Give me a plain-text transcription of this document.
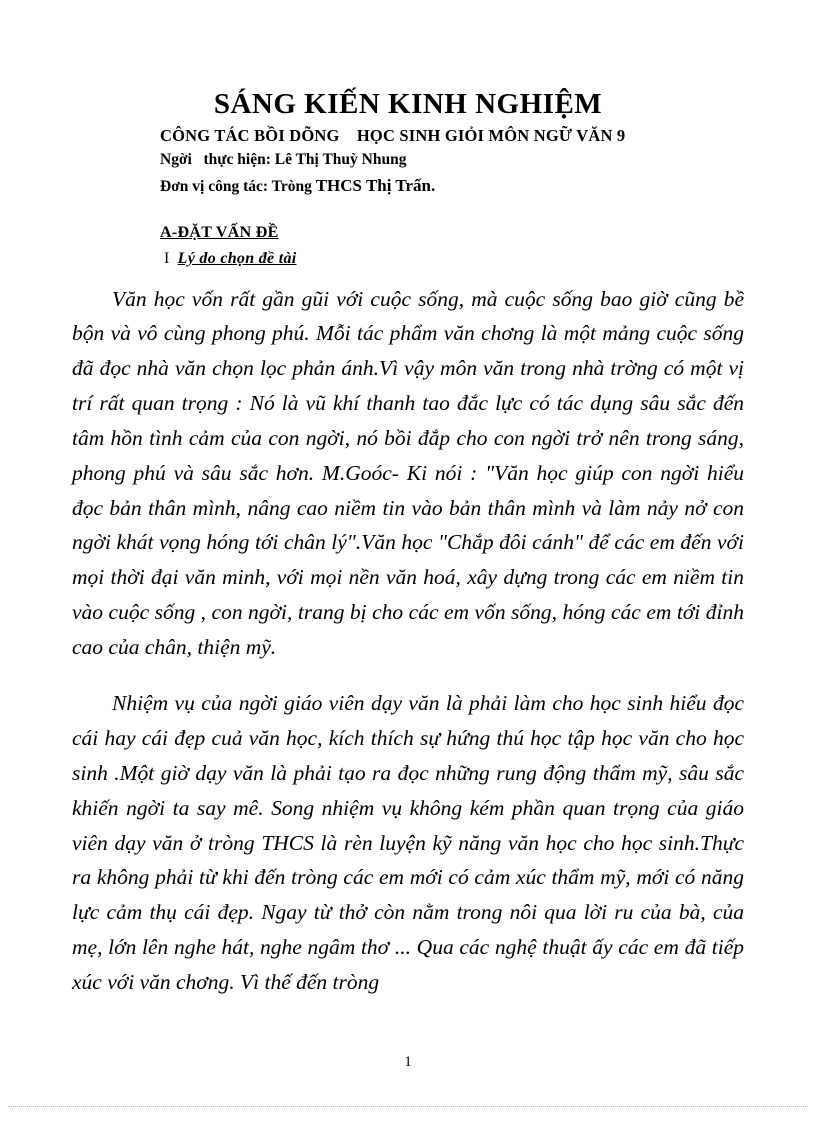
SÁNG KIẾN KINH NGHIỆM
CÔNG TÁC BỒI DÕNG    HỌC SINH GIỎI MÔN NGỮ VĂN 9
Ngời   thực hiện: Lê Thị Thuỳ Nhung
Đơn vị công tác: Tròng THCS Thị Trấn.
A-ĐẶT VẤN ĐỀ
I Lý do chọn đề tài

Văn học vốn rất gần gũi với cuộc sống, mà cuộc sống bao giờ cũng bề bộn và vô cùng phong phú. Mỗi tác phẩm văn chơng là một mảng cuộc sống đã đọc nhà văn chọn lọc phản ánh.Vì vậy môn văn trong nhà trờng có một vị trí rất quan trọng : Nó là vũ khí thanh tao đắc lực có tác dụng sâu sắc đến tâm hồn tình cảm của con ngời, nó bồi đắp cho con ngời trở nên trong sáng, phong phú và sâu sắc hơn. M.Goóc- Ki nói : "Văn học giúp con ngời hiểu đọc bản thân mình, nâng cao niềm tin vào bản thân mình và làm nảy nở con ngời khát vọng hóng tới chân lý".Văn học "Chắp đôi cánh" để các em đến với mọi thời đại văn minh, với mọi nền văn hoá, xây dựng trong các em niềm tin vào cuộc sống , con ngời, trang bị cho các em vốn sống, hóng các em tới đỉnh cao của chân, thiện mỹ.

Nhiệm vụ của ngời giáo viên dạy văn là phải làm cho học sinh hiểu đọc cái hay cái đẹp cuả văn học, kích thích sự hứng thú học tập học văn cho học sinh .Một giờ dạy văn là phải tạo ra đọc những rung động thẩm mỹ, sâu sắc khiến ngời ta say mê. Song nhiệm vụ không kém phần quan trọng của giáo viên dạy văn ở tròng THCS là rèn luyện kỹ năng văn học cho học sinh.Thực ra không phải từ khi đến tròng các em mới có cảm xúc thẩm mỹ, mới có năng lực cảm thụ cái đẹp. Ngay từ thở còn nằm trong nôi qua lời ru của bà, của mẹ, lớn lên nghe hát, nghe ngâm thơ ... Qua các nghệ thuật ấy các em đã tiếp xúc với văn chơng. Vì thế đến tròng

1
